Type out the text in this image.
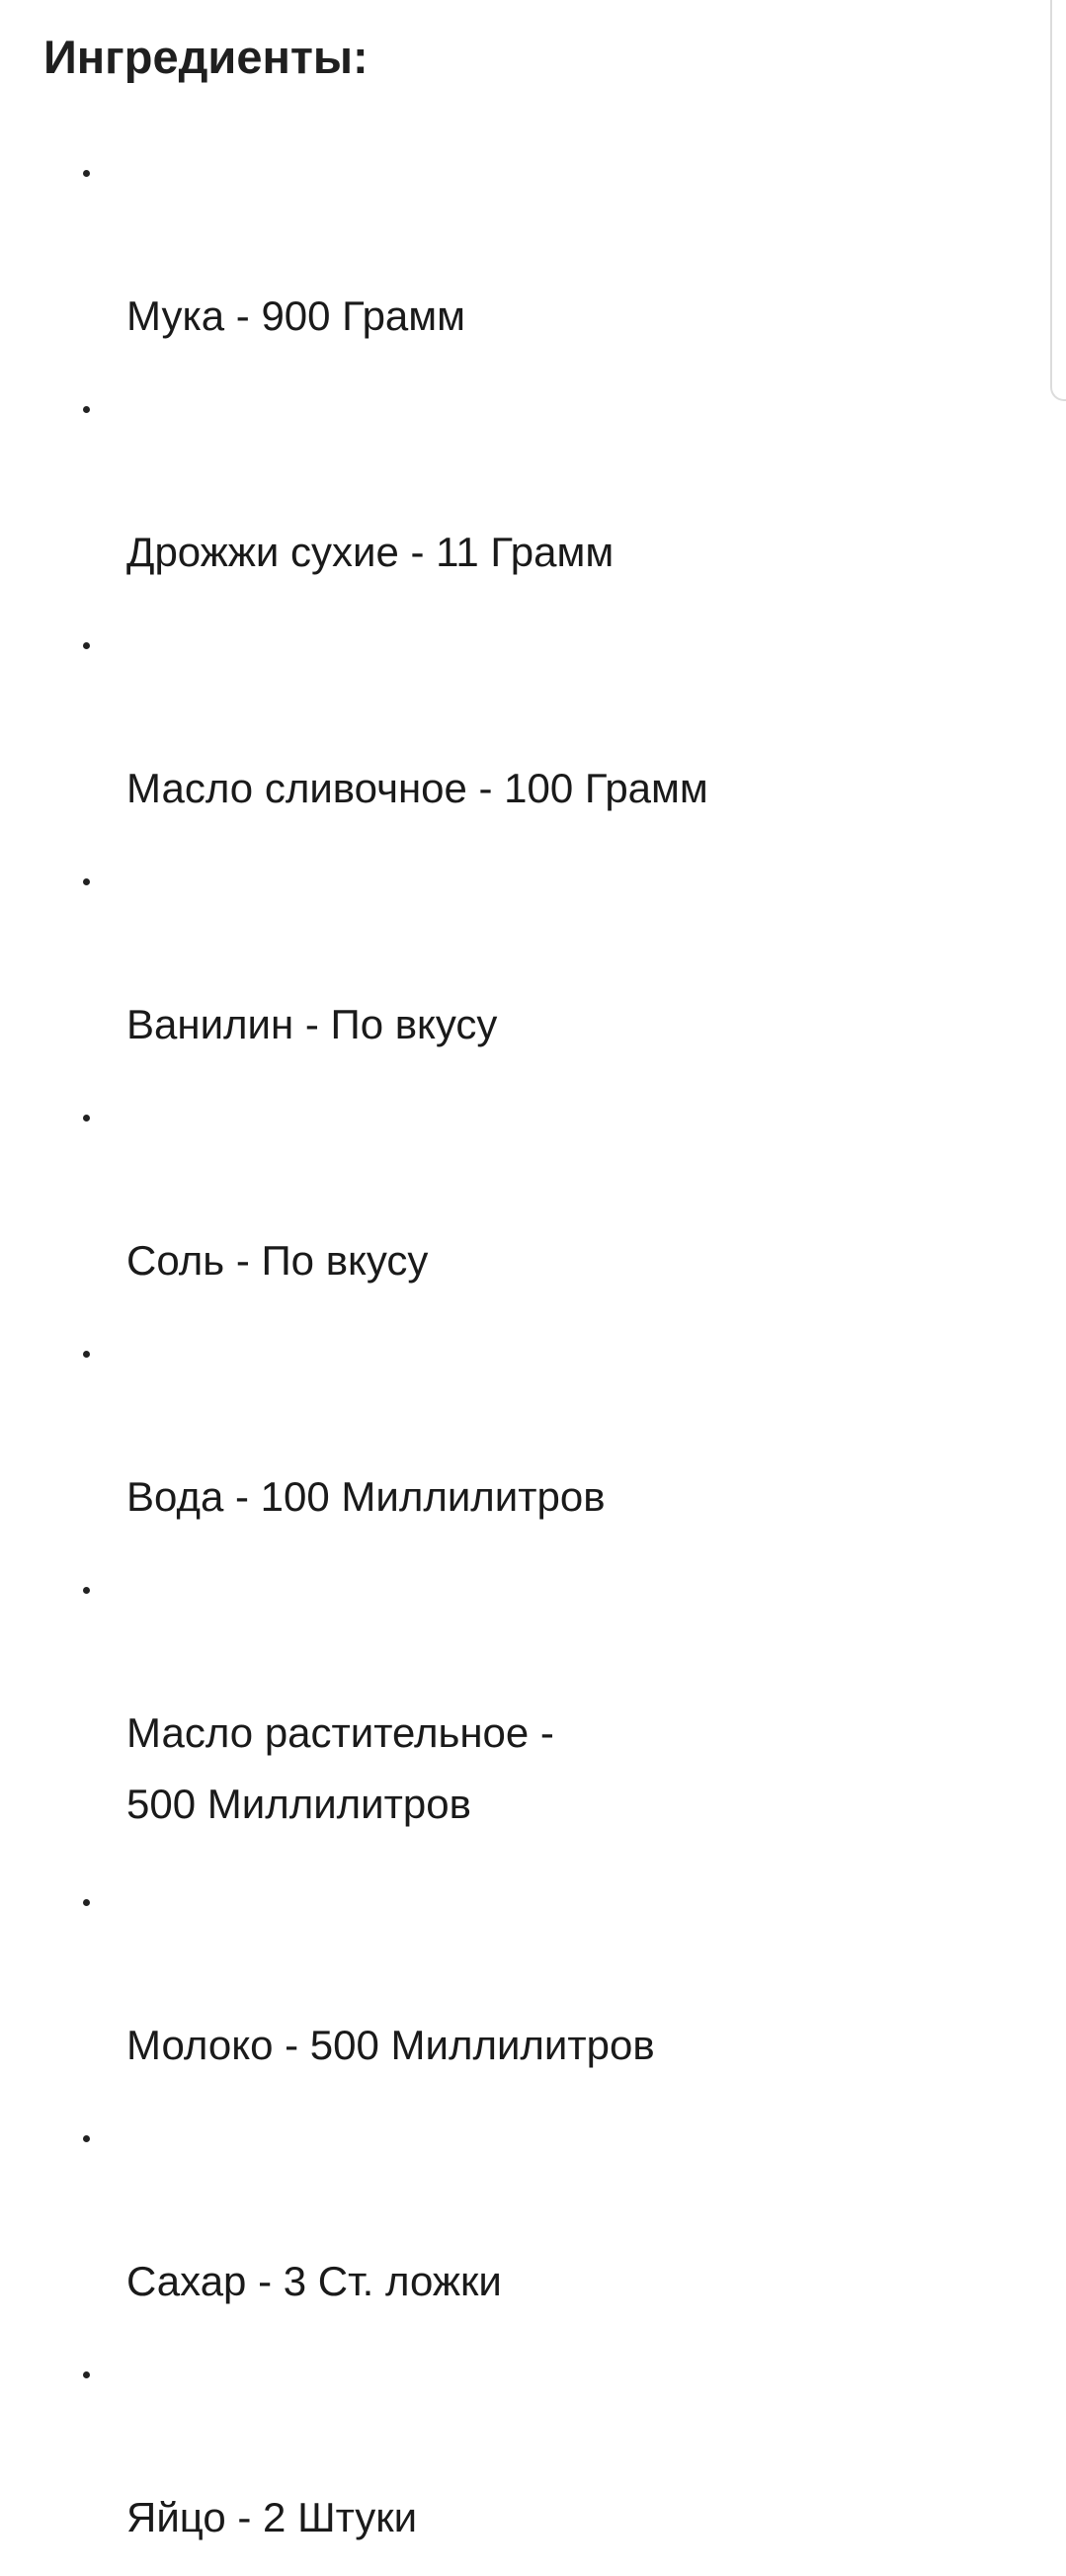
Ингредиенты:

Мука - 900 Грамм

Дрожжи сухие - 11 Грамм

Масло сливочное - 100 Грамм

Ванилин - По вкусу

Соль - По вкусу

Вода - 100 Миллилитров

Масло растительное -
500 Миллилитров

Молоко - 500 Миллилитров

Сахар - 3 Ст. ложки

Яйцо - 2 Штуки
